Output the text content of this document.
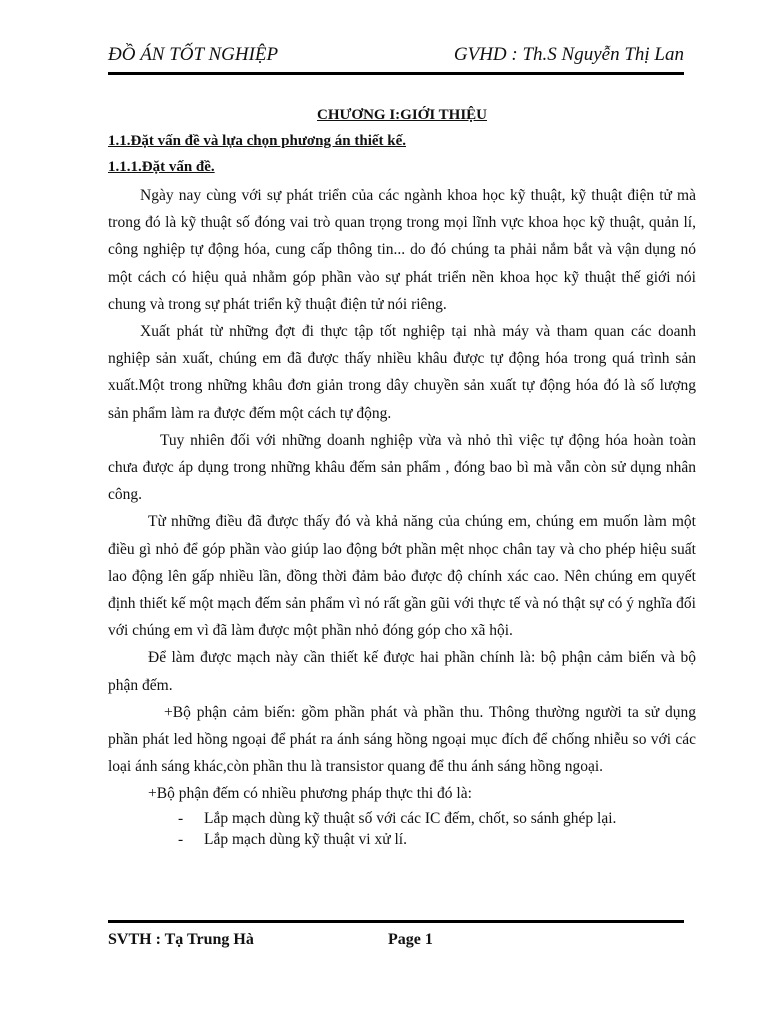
ĐỒ ÁN TỐT NGHIỆP	GVHD : Th.S Nguyễn Thị Lan
CHƯƠNG I:GIỚI THIỆU
1.1.Đặt vấn đề và lựa chọn phương án thiết kế.
1.1.1.Đặt vấn đề.

Ngày nay cùng với sự phát triển của các ngành khoa học kỹ thuật, kỹ thuật điện tử mà trong đó là kỹ thuật số đóng vai trò quan trọng trong mọi lĩnh vực khoa học kỹ thuật, quản lí, công nghiệp tự động hóa, cung cấp thông tin... do đó chúng ta phải nắm bắt và vận dụng nó một cách có hiệu quả nhằm góp phần vào sự phát triển nền khoa học kỹ thuật thế giới nói chung và trong sự phát triển kỹ thuật điện tử nói riêng.

Xuất phát từ những đợt đi thực tập tốt nghiệp tại nhà máy và tham quan các doanh nghiệp sản xuất, chúng em đã được thấy nhiều khâu được tự động hóa trong quá trình sản xuất.Một trong những khâu đơn giản trong dây chuyền sản xuất tự động hóa đó là số lượng sản phẩm làm ra được đếm một cách tự động.

Tuy nhiên đối với những doanh nghiệp vừa và nhỏ thì việc tự động hóa hoàn toàn chưa được áp dụng trong những khâu đếm sản phẩm , đóng bao bì mà vẫn còn sử dụng nhân công.

Từ những điều đã được thấy đó và khả năng của chúng em, chúng em muốn làm một điều gì nhỏ để góp phần vào giúp lao động bớt phần mệt nhọc chân tay và cho phép hiệu suất lao động lên gấp nhiều lần, đồng thời đảm bảo được độ chính xác cao. Nên chúng em quyết định thiết kế một mạch đếm sản phẩm vì nó rất gần gũi với thực tế và nó thật sự có ý nghĩa đối với chúng em vì đã làm được một phần nhỏ đóng góp cho xã hội.

Để làm được mạch này cần thiết kế được hai phần chính là: bộ phận cảm biến và bộ phận đếm.

+Bộ phận cảm biến: gồm phần phát và phần thu. Thông thường người ta sử dụng phần phát led hồng ngoại để phát ra ánh sáng hồng ngoại mục đích để chống nhiễu so với các loại ánh sáng khác,còn phần thu là transistor quang để thu ánh sáng hồng ngoại.

+Bộ phận đếm có nhiều phương pháp thực thi đó là:

- Lắp mạch dùng kỹ thuật số với các IC đếm, chốt, so sánh ghép lại.
- Lắp mạch dùng kỹ thuật vi xử lí.
SVTH : Tạ Trung Hà	Page 1
